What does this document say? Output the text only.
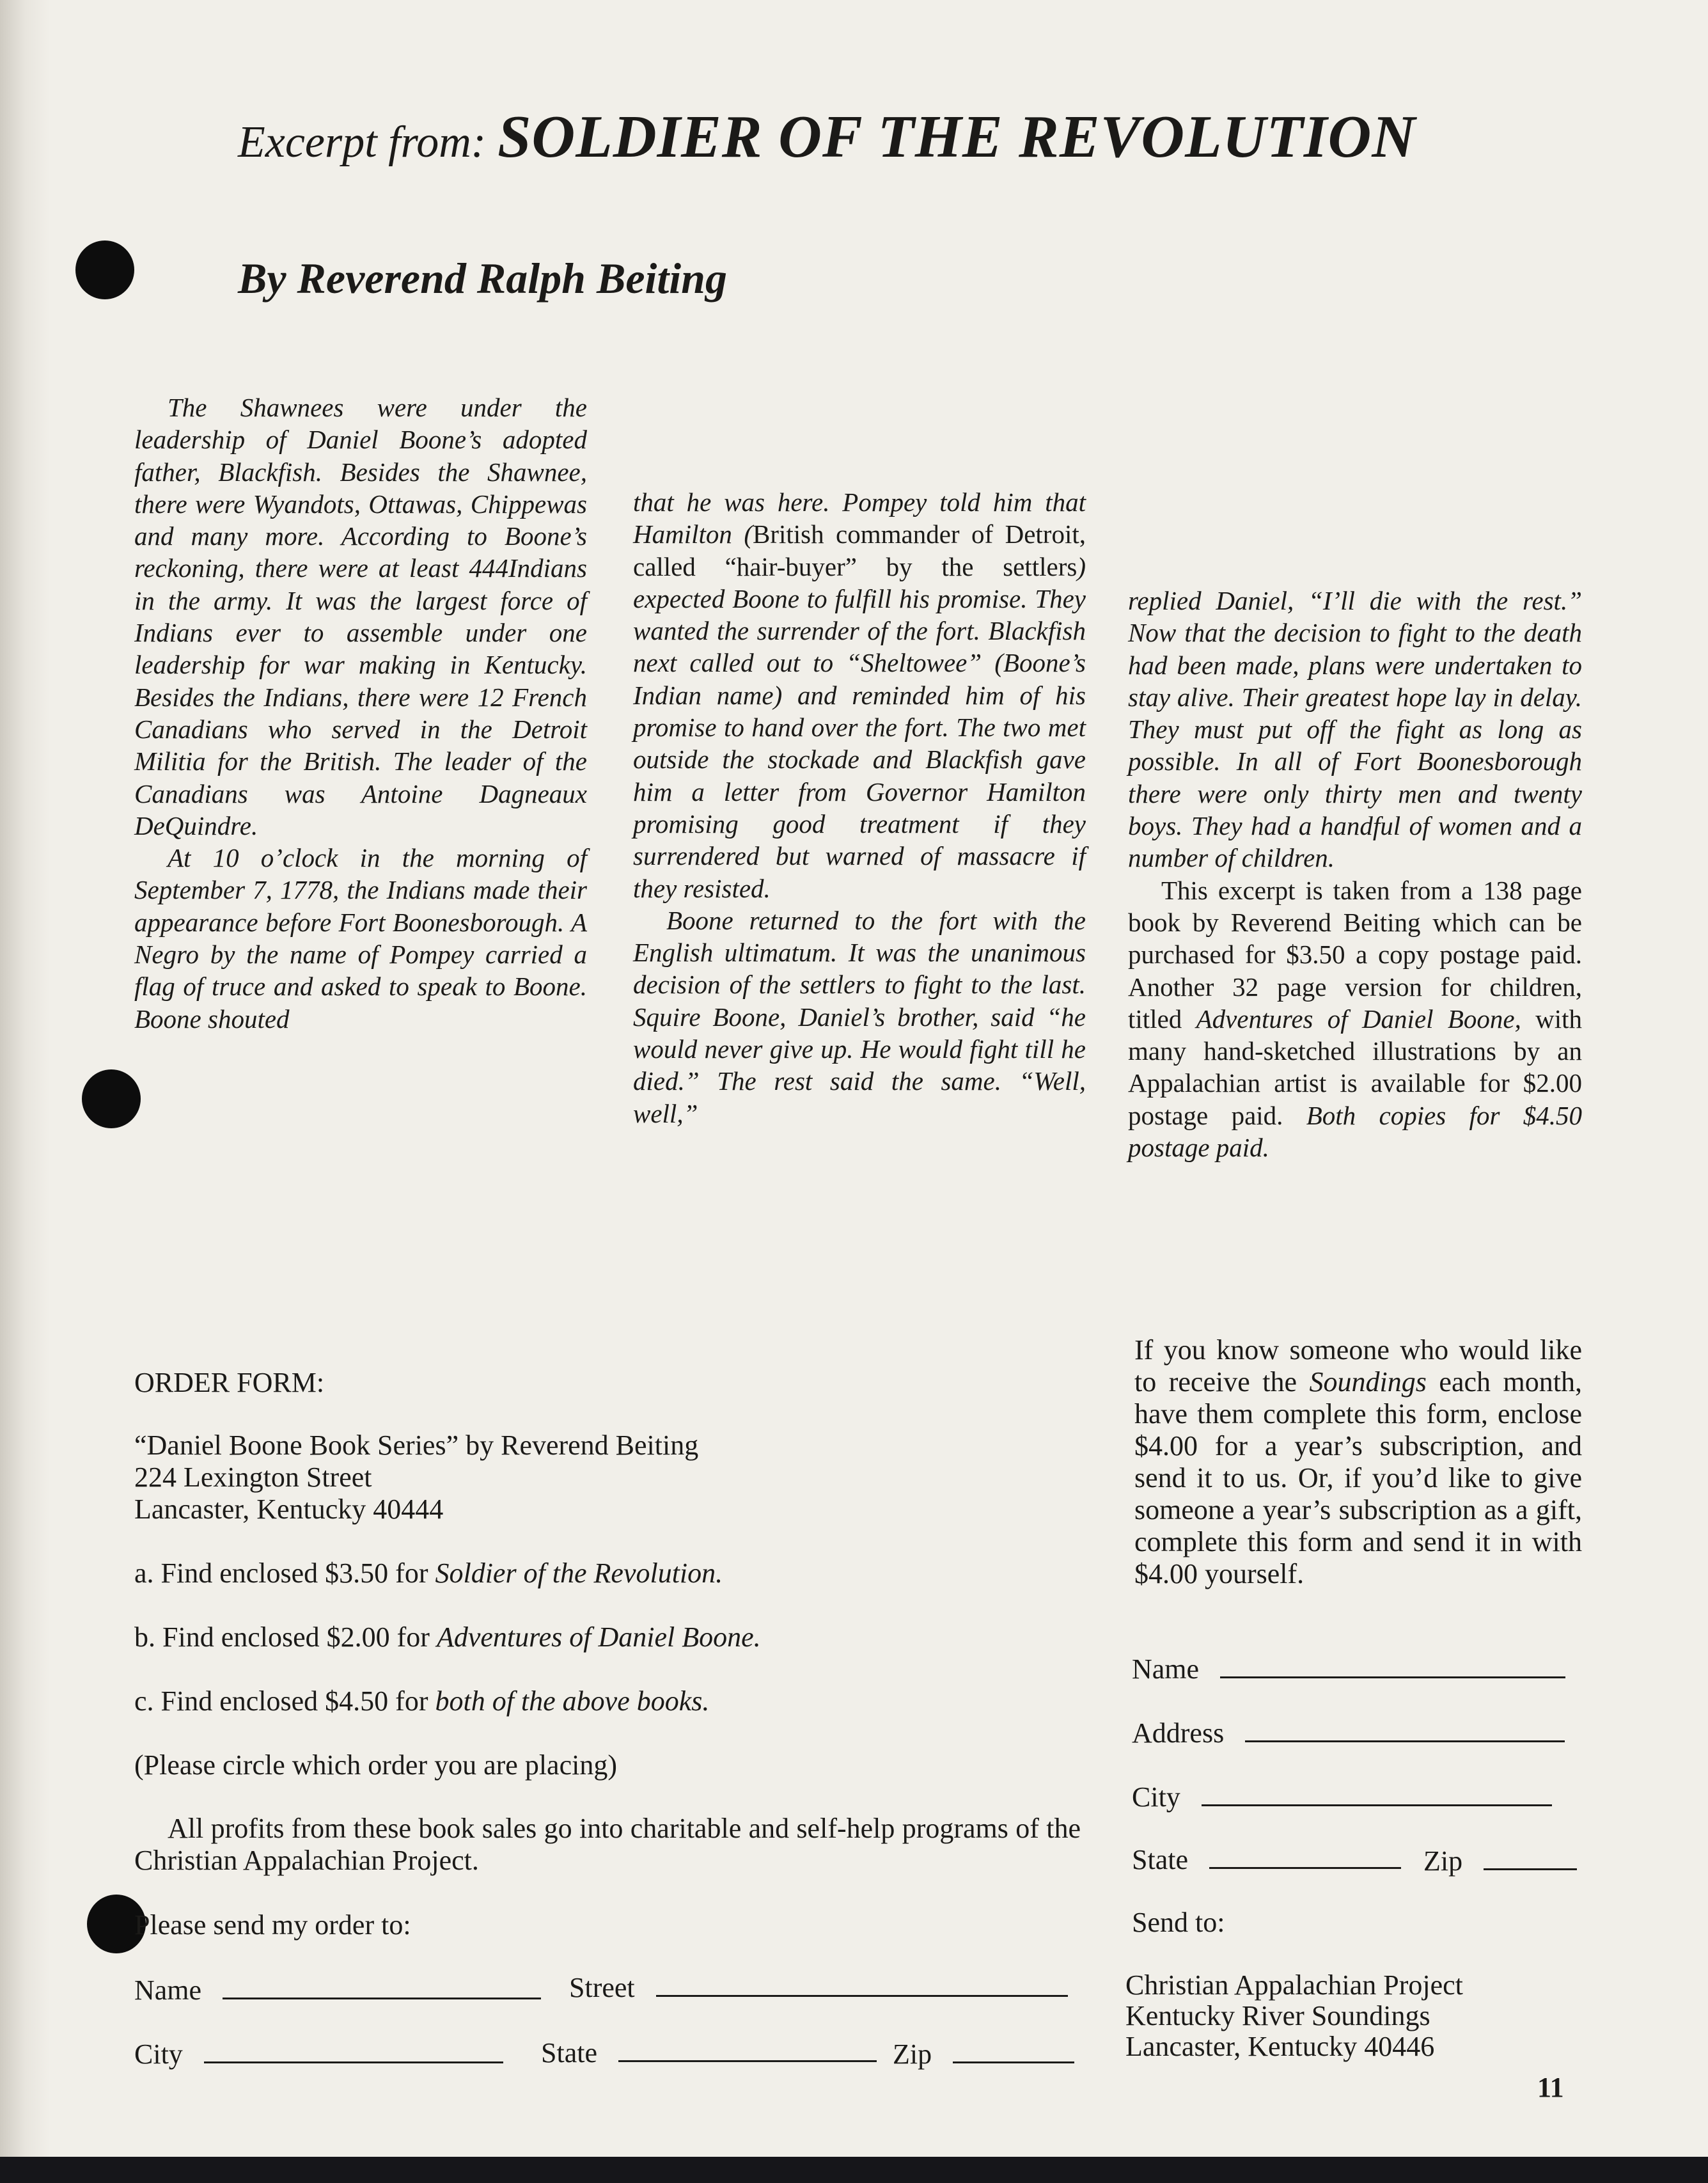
Excerpt from: SOLDIER OF THE REVOLUTION
By Reverend Ralph Beiting

The Shawnees were under the leadership of Daniel Boone’s adopted father, Blackfish. Besides the Shawnee, there were Wyandots, Ottawas, Chippewas and many more. According to Boone’s reckoning, there were at least 444Indians in the army. It was the largest force of Indians ever to assemble under one leadership for war making in Kentucky. Besides the Indians, there were 12 French Canadians who served in the Detroit Militia for the British. The leader of the Canadians was Antoine Dagneaux DeQuindre.

At 10 o’clock in the morning of September 7, 1778, the Indians made their appearance before Fort Boonesborough. A Negro by the name of Pompey carried a flag of truce and asked to speak to Boone. Boone shouted

that he was here. Pompey told him that Hamilton (British commander of Detroit, called “hair-buyer” by the settlers) expected Boone to fulfill his promise. They wanted the surrender of the fort. Blackfish next called out to “Sheltowee” (Boone’s Indian name) and reminded him of his promise to hand over the fort. The two met outside the stockade and Blackfish gave him a letter from Governor Hamilton promising good treatment if they surrendered but warned of massacre if they resisted.

Boone returned to the fort with the English ultimatum. It was the unanimous decision of the settlers to fight to the last. Squire Boone, Daniel’s brother, said “he would never give up. He would fight till he died.” The rest said the same. “Well, well,”

replied Daniel, “I’ll die with the rest.” Now that the decision to fight to the death had been made, plans were undertaken to stay alive. Their greatest hope lay in delay. They must put off the fight as long as possible. In all of Fort Boonesborough there were only thirty men and twenty boys. They had a handful of women and a number of children.

This excerpt is taken from a 138 page book by Reverend Beiting which can be purchased for $3.50 a copy postage paid. Another 32 page version for children, titled Adventures of Daniel Boone, with many hand-sketched illustrations by an Appalachian artist is available for $2.00 postage paid. Both copies for $4.50 postage paid.

ORDER FORM:
“Daniel Boone Book Series” by Reverend Beiting
224 Lexington Street
Lancaster, Kentucky 40444
a. Find enclosed $3.50 for Soldier of the Revolution.
b. Find enclosed $2.00 for Adventures of Daniel Boone.
c. Find enclosed $4.50 for both of the above books.
(Please circle which order you are placing)
All profits from these book sales go into charitable and self-help programs of the Christian Appalachian Project.
Please send my order to:
Name	Street
City	State	Zip
If you know someone who would like to receive the Soundings each month, have them complete this form, enclose $4.00 for a year’s subscription, and send it to us. Or, if you’d like to give someone a year’s subscription as a gift, complete this form and send it in with $4.00 yourself.
Name
Address
City
State	Zip
Send to:
Christian Appalachian Project
Kentucky River Soundings
Lancaster, Kentucky 40446
11
